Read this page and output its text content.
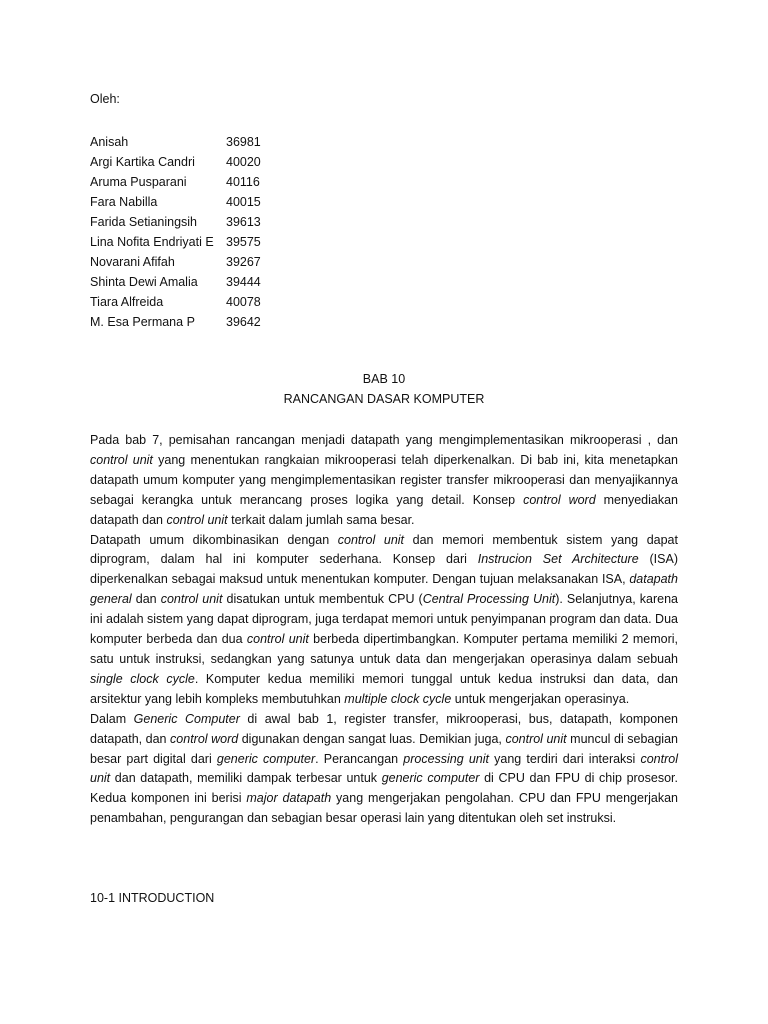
Oleh:
Anisah	36981
Argi Kartika Candri	40020
Aruma Pusparani	40116
Fara Nabilla	40015
Farida Setianingsih	39613
Lina Nofita Endriyati E 39575
Novarani Afifah	39267
Shinta Dewi Amalia	39444
Tiara Alfreida	40078
M. Esa Permana P	39642
BAB 10
RANCANGAN DASAR KOMPUTER

Pada bab 7, pemisahan rancangan menjadi datapath yang mengimplementasikan mikrooperasi , dan control unit yang menentukan rangkaian mikrooperasi telah diperkenalkan. Di bab ini, kita menetapkan datapath umum komputer yang mengimplementasikan register transfer mikrooperasi dan menyajikannya sebagai kerangka untuk merancang proses logika yang detail. Konsep control word menyediakan datapath dan control unit terkait dalam jumlah sama besar.

Datapath umum dikombinasikan dengan control unit dan memori membentuk sistem yang dapat diprogram, dalam hal ini komputer sederhana. Konsep dari Instrucion Set Architecture (ISA) diperkenalkan sebagai maksud untuk menentukan komputer. Dengan tujuan melaksanakan ISA, datapath general dan control unit disatukan untuk membentuk CPU (Central Processing Unit). Selanjutnya, karena ini adalah sistem yang dapat diprogram, juga terdapat memori untuk penyimpanan program dan data. Dua komputer berbeda dan dua control unit berbeda dipertimbangkan. Komputer pertama memiliki 2 memori, satu untuk instruksi, sedangkan yang satunya untuk data dan mengerjakan operasinya dalam sebuah single clock cycle. Komputer kedua memiliki memori tunggal untuk kedua instruksi dan data, dan arsitektur yang lebih kompleks membutuhkan multiple clock cycle untuk mengerjakan operasinya.

Dalam Generic Computer di awal bab 1, register transfer, mikrooperasi, bus, datapath, komponen datapath, dan control word digunakan dengan sangat luas. Demikian juga, control unit muncul di sebagian besar part digital dari generic computer. Perancangan processing unit yang terdiri dari interaksi control unit dan datapath, memiliki dampak terbesar untuk generic computer di CPU dan FPU di chip prosesor. Kedua komponen ini berisi major datapath yang mengerjakan pengolahan. CPU dan FPU mengerjakan penambahan, pengurangan dan sebagian besar operasi lain yang ditentukan oleh set instruksi.

10-1 INTRODUCTION
